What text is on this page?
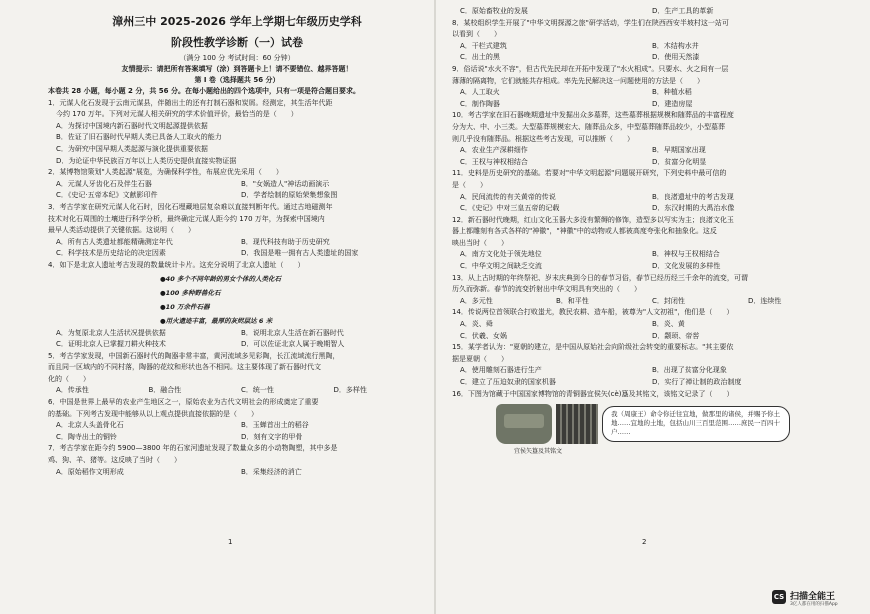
漳州三中 2025-2026 学年上学期七年级历史学科
阶段性教学诊断（一）试卷
（满分 100 分 考试时间：60 分钟）
友情提示：请把所有答案填写（涂）到答题卡上！请不要错位、越界答题！
第 I 卷（选择题共 56 分）
本卷共 28 小题，每小题 2 分，共 56 分。在每小题给出的四个选项中，只有一项是符合题目要求。
1．元谋人化石发现于云南元谋县，伴随出土的还有打制石器和炭屑。经测定，其生活年代距
今约 170 万年。下列对元谋人相关研究的学术价值评价，最恰当的是（　　）
A．为探讨中国境内新石器时代文明起源提供依据
B．佐证了旧石器时代早期人类已具备人工取火的能力
C．为研究中国早期人类起源与演化提供重要依据
D．为论证中华民族百万年以上人类历史提供直接实物证据
2．某博物馆策划"人类起源"展览，为确保科学性，布展应优先采用（　　）
A．元谋人牙齿化石及伴生石器	B．"女娲造人"神话动画演示
C．《史记·五帝本纪》文献影印件	D．学者绘制的原始荣集想象图
3．考古学家在研究元谋人化石时，因化石埋藏地层复杂难以直接判断年代。通过古地磁测年
技术对化石周围的土壤进行科学分析，最终确定元谋人距今约 170 万年，为探索中国境内
最早人类活动提供了关键依据。这说明（　　）
A．所有古人类遗址都能精确测定年代	B．现代科技有助于历史研究
C．科学技术是历史结论的决定因素	D．我国是唯一拥有古人类遗址的国家
4．如下是北京人遗址考古发现的数量统计卡片。这充分说明了北京人遗址（　　）
●40 多个不同年龄的男女个体的人类化石
●100 多种野兽化石
●10 万余件石器
●用火遗迹丰富，最厚的灰烬层达 6 米
A．为复原北京人生活状况提供依据	B．说明北京人生活在新石器时代
C．证明北京人已掌握刀耕火种技术	D．可以佐证北京人属于晚期智人
5．考古学家发现，中国新石器时代的陶器非常丰富，黄河流域多见彩陶，长江流域流行黑陶，
而且同一区域内的不同村落，陶器的花纹和形状也各不相同。这主要体现了新石器时代文
化的（　　）
A．传承性	B．融合性	C．统一性	D．多样性
6．中国是世界上最早的农业产生地区之一，原始农业为古代文明社会的形成奠定了重要
的基础。下列考古发现中能够从以上观点提供直接依据的是（　　）
A．北京人头盖骨化石	B．玉蝉首出土的稻谷
C．陶寺出土的铜铃	D．刻有文字的甲骨
7．考古学家在距今约 5900—3800 年的石家河遗址发现了数量众多的小动物陶塑，其中多是
鸡、狗、羊、猪等。这反映了当时（　　）
A．原始稻作文明形成	B．采集经济的消亡
1
C．原始畜牧业的发展	D．生产工具的革新
8．某校组织学生开展了"中华文明探源之旅"研学活动，学生们在陕西西安半坡村这一站可
以看到（　　）
A．干栏式建筑	B．木结构水井
C．出土的黑	D．使用天然漆
9．俗话说"水火不容"，但古代先民却在开拓中发现了"水火相成"。只要水、火之间有一层
薄薄的隔离物，它们就能共存相成。率先先民解决这一问题使用的方法是（　　）
A．人工取火	B．种植水稻
C．制作陶器	D．建造房屋
10．考古学家在旧石器晚期遗址中发掘出众多墓葬，这些墓葬根据规模和随葬品的丰富程度
分为大、中、小三类。大型墓葬规模宏大、随葬品众多，中型墓葬随葬品较少，小型墓葬
则几乎没有随葬品。根据这些考古发现，可以推断（　　）
A．农业生产深耕细作	B．早期国家出现
C．王权与神权相结合	D．贫富分化明显
11．史料是历史研究的基础。若要对"中华文明起源"问题展开研究，下列史料中最可信的
是（　　）
A．民间流传的有关黄帝的传说	B．良渚遗址中的考古发现
C．《史记》中对三皇五帝的记载	D．东汉时期的大禹治水像
12．新石器时代晚期，红山文化玉器大多没有繁缛的修饰，造型多以写实为主；良渚文化玉
器上都雕刻有各式各样的"神徽"，"神徽"中的动物或人都被高度夸张化和抽象化。这反
映出当时（　　）
A．南方文化处于领先地位	B．神权与王权相结合
C．中华文明之间缺乏交流	D．文化发展的多样性
13．从上古时期的年终祭祀、岁末庆典到今日的春节习俗，春节已经历经三千余年的流变，可谓
历久而弥新。春节的流变折射出中华文明具有突出的（　　）
A．多元性	B．和平性	C．封闭性	D．连续性
14．传说两位首领联合打败蚩尤，教民农耕、造车船，被尊为"人文初祖"，他们是（　　）
A．炎、舜	B．炎、黄
C．伏羲、女娲	D．颛顼、帝喾
15．某学者认为："夏朝的建立，是中国从原始社会向阶级社会转变的重要标志。"其主要依
据是夏朝（　　）
A．使用雕刻石器进行生产	B．出现了贫富分化现象
C．建立了压迫奴隶的国家机器	D．实行了禅让制的政治制度
16．下图为馆藏于中国国家博物馆的青铜器宜侯矢(cè)簋及其铭文，该铭文记录了（　　）
宜侯矢簋及其铭文
我（周康王）命令你迁往宜地，做那里的诸侯，并赐予你土地……宜地的土地，包括山川三百里范围……庶民一百四十户……
2
CS 扫描全能王
3亿人都在用的扫描App
